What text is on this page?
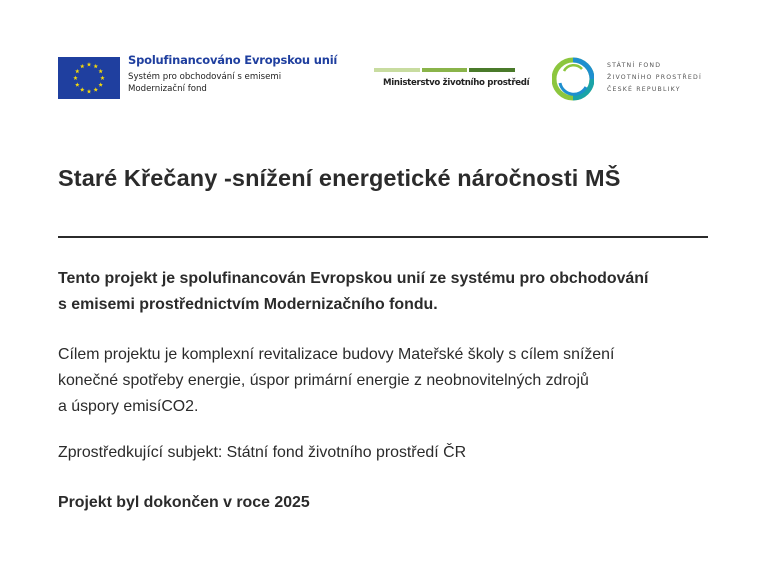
Spolufinancováno Evropskou unií
Systém pro obchodování s emisemi
Modernizační fond
Ministerstvo životního prostředí
STÁTNÍ FOND
ŽIVOTNÍHO PROSTŘEDÍ
ČESKÉ REPUBLIKY
Staré Křečany -snížení energetické náročnosti MŠ

Tento projekt je spolufinancován Evropskou unií ze systému pro obchodování
s emisemi prostřednictvím Modernizačního fondu.

Cílem projektu je komplexní revitalizace budovy Mateřské školy s cílem snížení
konečné spotřeby energie, úspor primární energie z neobnovitelných zdrojů
a úspory emisíCO2.

Zprostředkující subjekt: Státní fond životního prostředí ČR

Projekt byl dokončen v roce 2025
